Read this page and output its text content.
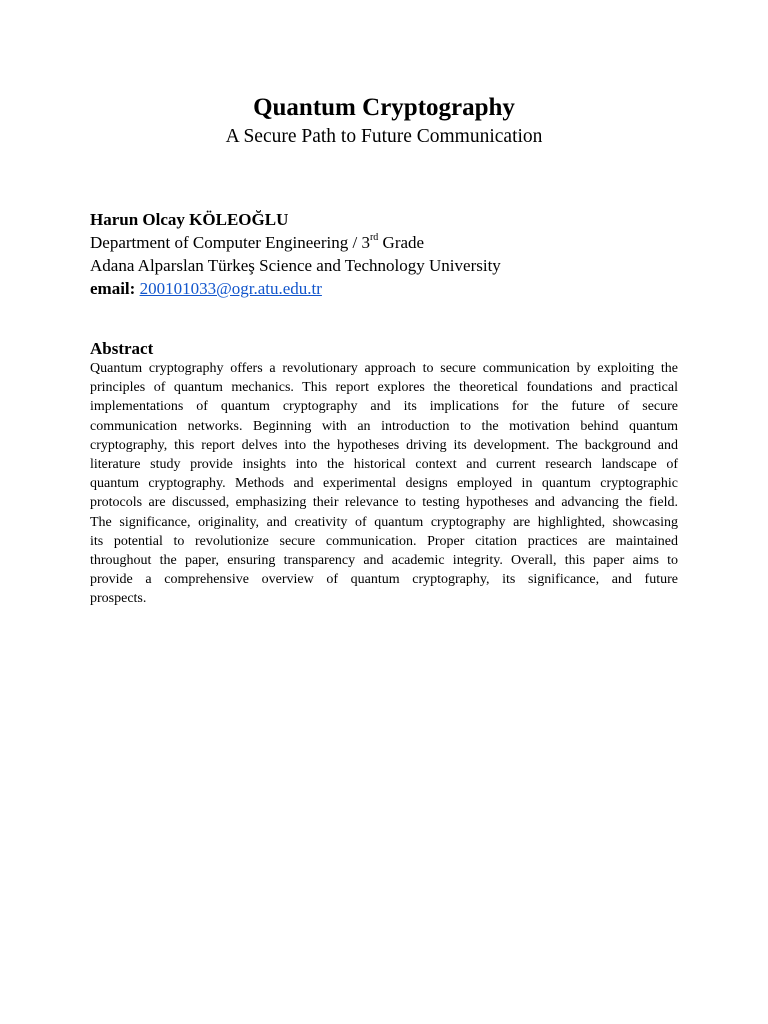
Quantum Cryptography
A Secure Path to Future Communication
Harun Olcay KÖLEOĞLU
Department of Computer Engineering / 3rd Grade
Adana Alparslan Türkeş Science and Technology University
email: 200101033@ogr.atu.edu.tr
Abstract
Quantum cryptography offers a revolutionary approach to secure communication by exploiting the
principles of quantum mechanics. This report explores the theoretical foundations and practical
implementations of quantum cryptography and its implications for the future of secure
communication networks. Beginning with an introduction to the motivation behind quantum
cryptography, this report delves into the hypotheses driving its development. The background and
literature study provide insights into the historical context and current research landscape of
quantum cryptography. Methods and experimental designs employed in quantum cryptographic
protocols are discussed, emphasizing their relevance to testing hypotheses and advancing the field.
The significance, originality, and creativity of quantum cryptography are highlighted, showcasing
its potential to revolutionize secure communication. Proper citation practices are maintained
throughout the paper, ensuring transparency and academic integrity. Overall, this paper aims to
provide a comprehensive overview of quantum cryptography, its significance, and future
prospects.
